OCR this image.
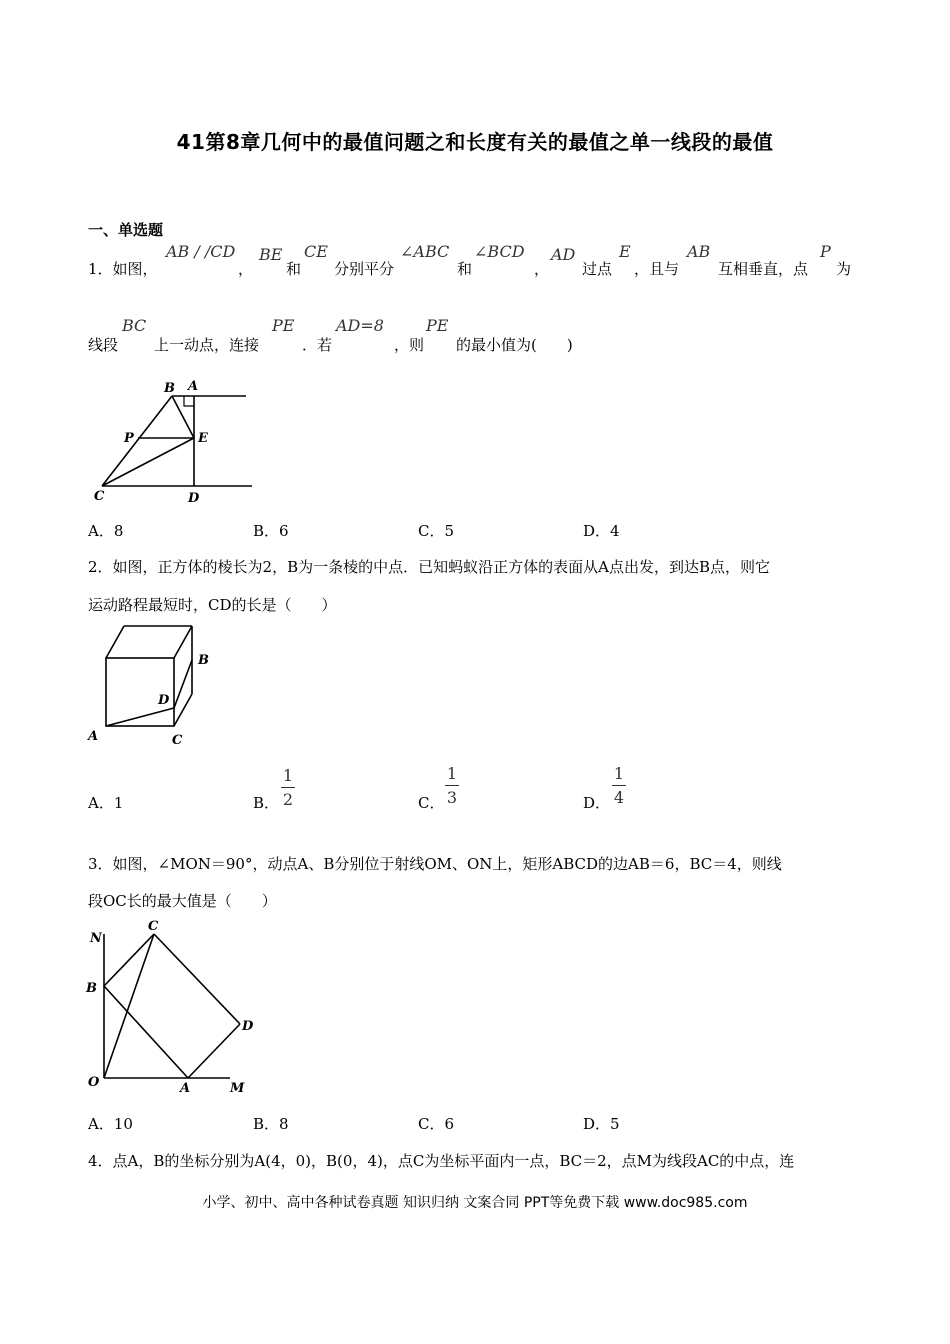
41第8章几何中的最值问题之和长度有关的最值之单一线段的最值
一、单选题
1．如图，
AB / /CD
，
BE
和
CE
分别平分
∠ABC
和
∠BCD
，
AD
过点
E
，且与
AB
互相垂直，点
P
为
线段
BC
上一动点，连接
PE
．若
AD=8
，则
PE
的最小值为(　　)
B A
P	E
C	D
A．8	B．6	C．5	D．4
2．如图，正方体的棱长为2，B为一条棱的中点．已知蚂蚁沿正方体的表面从A点出发，到达B点，则它
运动路程最短时，CD的长是（　　）
B
D
A	C
A．1	B．
1
2	C．
1
3	D．
1
4
3．如图，∠MON＝90°，动点A、B分别位于射线OM、ON上，矩形ABCD的边AB＝6，BC＝4，则线
段OC长的最大值是（　　）
N
C
B
D
O	A	M
A．10	B．8	C．6	D．5
4．点A，B的坐标分别为A(4，0)，B(0，4)，点C为坐标平面内一点，BC＝2，点M为线段AC的中点，连
小学、初中、高中各种试卷真题 知识归纳 文案合同 PPT等免费下载 www.doc985.com
